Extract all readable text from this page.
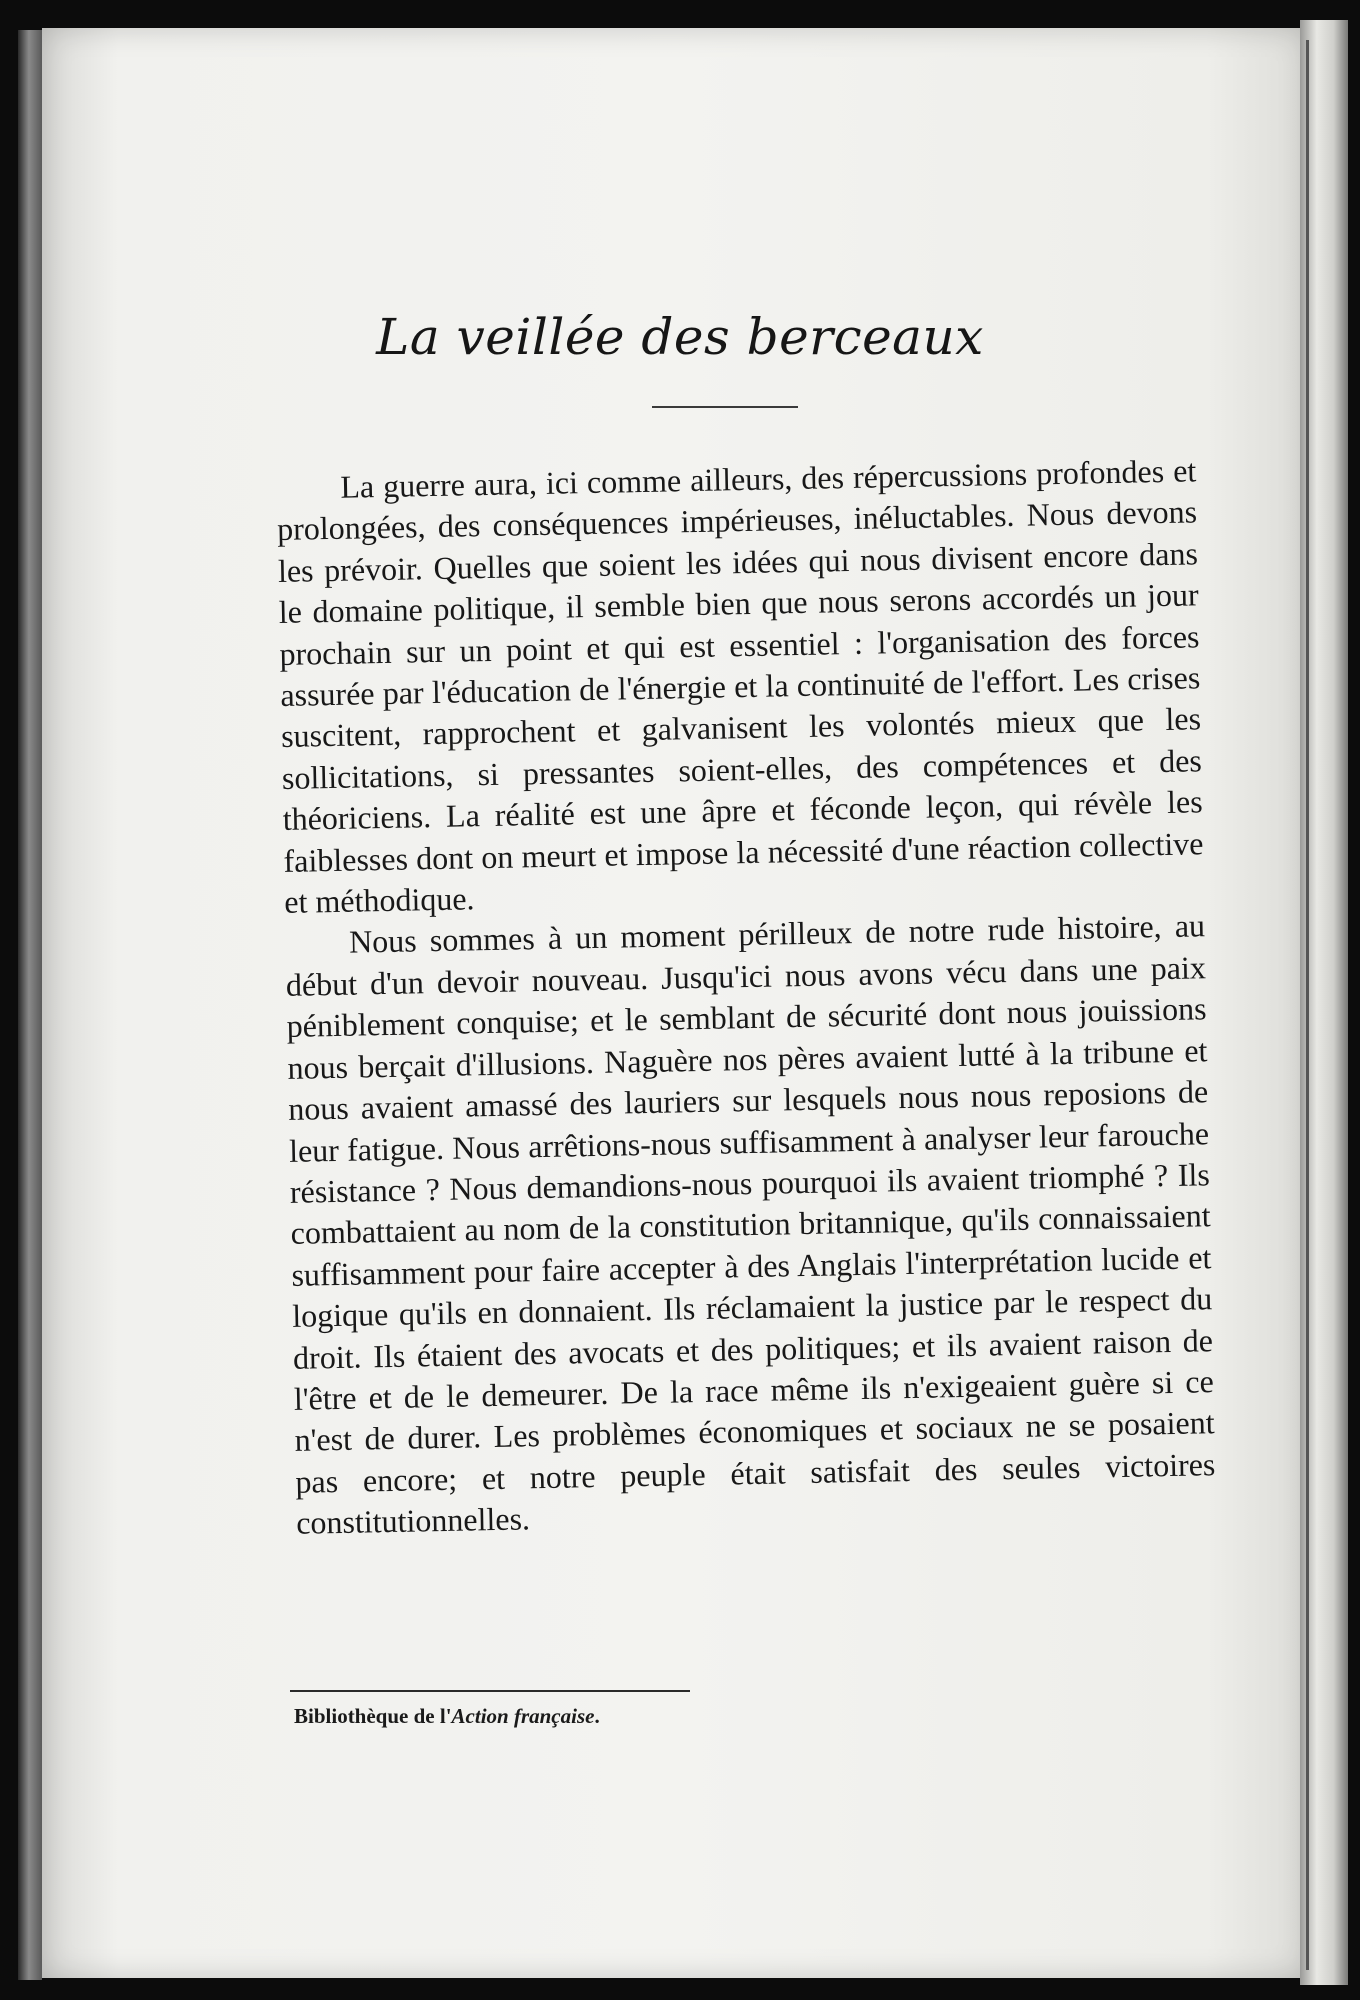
La veillée des berceaux

La guerre aura, ici comme ailleurs, des répercussions profondes et prolongées, des conséquences impérieuses, inéluctables. Nous devons les prévoir. Quelles que soient les idées qui nous divisent encore dans le domaine politique, il semble bien que nous serons accordés un jour prochain sur un point et qui est essentiel : l'organisation des forces assurée par l'éducation de l'énergie et la continuité de l'effort. Les crises suscitent, rapprochent et galvanisent les volontés mieux que les sollicitations, si pressantes soient-elles, des compétences et des théoriciens. La réalité est une âpre et féconde leçon, qui révèle les faiblesses dont on meurt et impose la nécessité d'une réaction collective et méthodique.

Nous sommes à un moment périlleux de notre rude histoire, au début d'un devoir nouveau. Jusqu'ici nous avons vécu dans une paix péniblement conquise; et le semblant de sécurité dont nous jouissions nous berçait d'illusions. Naguère nos pères avaient lutté à la tribune et nous avaient amassé des lauriers sur lesquels nous nous reposions de leur fatigue. Nous arrêtions-nous suffisamment à analyser leur farouche résistance ? Nous demandions-nous pourquoi ils avaient triomphé ? Ils combattaient au nom de la constitution britannique, qu'ils connaissaient suffisamment pour faire accepter à des Anglais l'interprétation lucide et logique qu'ils en donnaient. Ils réclamaient la justice par le respect du droit. Ils étaient des avocats et des politiques; et ils avaient raison de l'être et de le demeurer. De la race même ils n'exigeaient guère si ce n'est de durer. Les problèmes économiques et sociaux ne se posaient pas encore; et notre peuple était satisfait des seules victoires constitutionnelles.

Bibliothèque de l'Action française.
